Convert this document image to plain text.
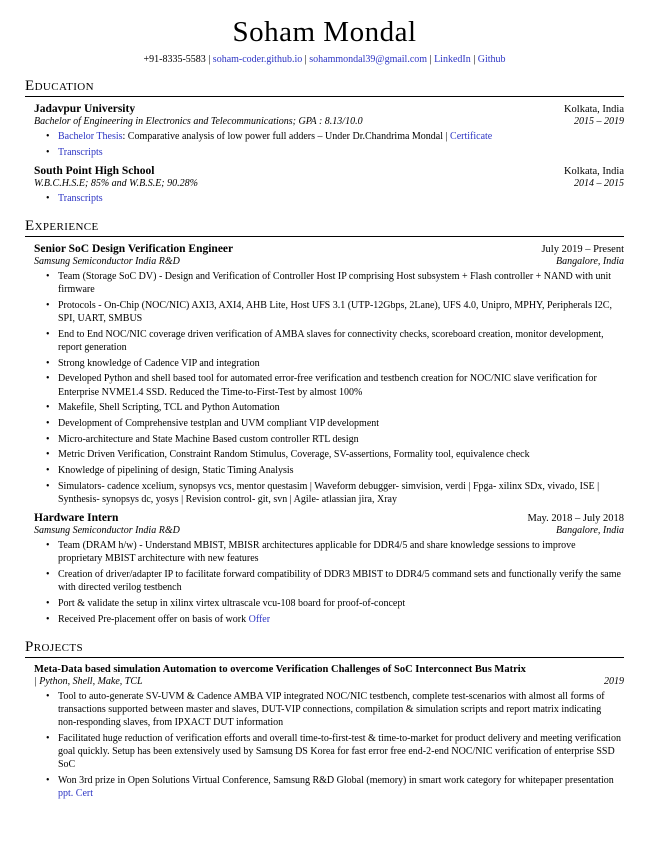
Soham Mondal
+91-8335-5583 | soham-coder.github.io | sohammondal39@gmail.com | LinkedIn | Github
Education
Jadavpur University	Kolkata, India
Bachelor of Engineering in Electronics and Telecommunications; GPA : 8.13/10.0	2015 – 2019
• Bachelor Thesis: Comparative analysis of low power full adders – Under Dr.Chandrima Mondal | Certificate
• Transcripts
South Point High School	Kolkata, India
W.B.C.H.S.E; 85% and W.B.S.E; 90.28%	2014 – 2015
• Transcripts
Experience
Senior SoC Design Verification Engineer	July 2019 – Present
Samsung Semiconductor India R&D	Bangalore, India
• Team (Storage SoC DV) - Design and Verification of Controller Host IP comprising Host subsystem + Flash controller + NAND with unit firmware
• Protocols - On-Chip (NOC/NIC) AXI3, AXI4, AHB Lite, Host UFS 3.1 (UTP-12Gbps, 2Lane), UFS 4.0, Unipro, MPHY, Peripherals I2C, SPI, UART, SMBUS
• End to End NOC/NIC coverage driven verification of AMBA slaves for connectivity checks, scoreboard creation, monitor development, report generation
• Strong knowledge of Cadence VIP and integration
• Developed Python and shell based tool for automated error-free verification and testbench creation for NOC/NIC slave verification for Enterprise NVME1.4 SSD. Reduced the Time-to-First-Test by almost 100%
• Makefile, Shell Scripting, TCL and Python Automation
• Development of Comprehensive testplan and UVM compliant VIP development
• Micro-architecture and State Machine Based custom controller RTL design
• Metric Driven Verification, Constraint Random Stimulus, Coverage, SV-assertions, Formality tool, equivalence check
• Knowledge of pipelining of design, Static Timing Analysis
• Simulators- cadence xcelium, synopsys vcs, mentor questasim | Waveform debugger- simvision, verdi | Fpga- xilinx SDx, vivado, ISE | Synthesis- synopsys dc, yosys | Revision control- git, svn | Agile- atlassian jira, Xray
Hardware Intern	May. 2018 – July 2018
Samsung Semiconductor India R&D	Bangalore, India
• Team (DRAM h/w) - Understand MBIST, MBISR architectures applicable for DDR4/5 and share knowledge sessions to improve proprietary MBIST architecture with new features
• Creation of driver/adapter IP to facilitate forward compatibility of DDR3 MBIST to DDR4/5 command sets and functionally verify the same with directed verilog testbench
• Port & validate the setup in xilinx virtex ultrascale vcu-108 board for proof-of-concept
• Received Pre-placement offer on basis of work Offer
Projects
Meta-Data based simulation Automation to overcome Verification Challenges of SoC Interconnect Bus Matrix
| Python, Shell, Make, TCL	2019
• Tool to auto-generate SV-UVM & Cadence AMBA VIP integrated NOC/NIC testbench, complete test-scenarios with almost all forms of transactions supported between master and slaves, DUT-VIP connections, compilation & simulation scripts and report matrix indicating non-responding slaves, from IPXACT DUT information
• Facilitated huge reduction of verification efforts and overall time-to-first-test & time-to-market for product delivery and meeting verification goal quickly. Setup has been extensively used by Samsung DS Korea for fast error free end-2-end NOC/NIC verification of enterprise SSD SoC
• Won 3rd prize in Open Solutions Virtual Conference, Samsung R&D Global (memory) in smart work category for whitepaper presentation ppt. Cert
